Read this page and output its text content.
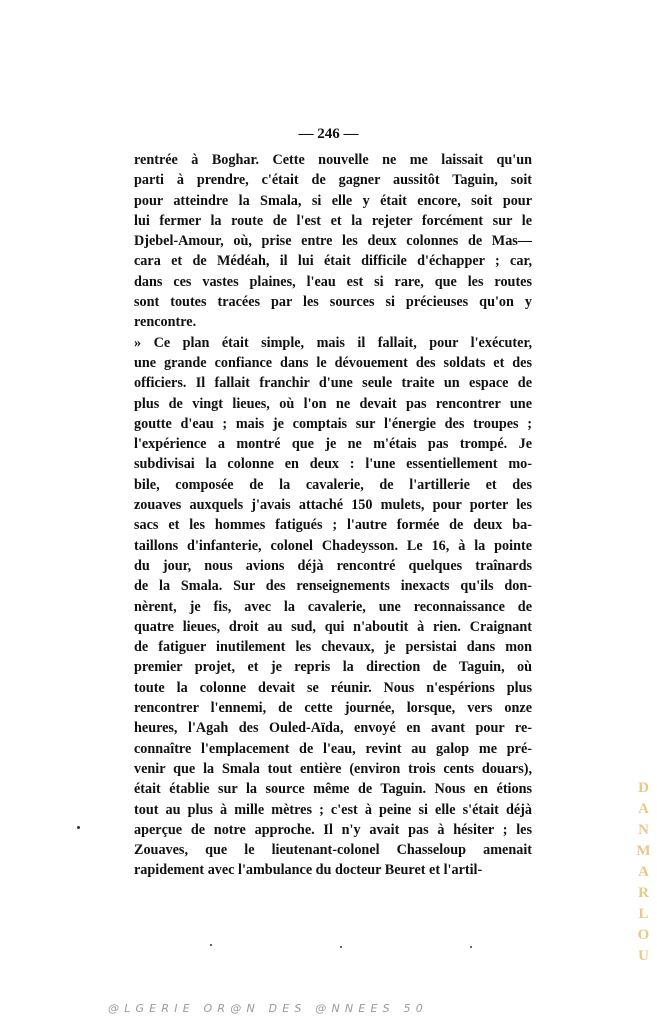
— 246 —
rentrée à Boghar. Cette nouvelle ne me laissait qu'un
parti à prendre, c'était de gagner aussitôt Taguin, soit
pour atteindre la Smala, si elle y était encore, soit pour
lui fermer la route de l'est et la rejeter forcément sur le
Djebel-Amour, où, prise entre les deux colonnes de Mas—
cara et de Médéah, il lui était difficile d'échapper ; car,
dans ces vastes plaines, l'eau est si rare, que les routes
sont toutes tracées par les sources si précieuses qu'on y
rencontre.
» Ce plan était simple, mais il fallait, pour l'exécuter,
une grande confiance dans le dévouement des soldats et des
officiers. Il fallait franchir d'une seule traite un espace de
plus de vingt lieues, où l'on ne devait pas rencontrer une
goutte d'eau ; mais je comptais sur l'énergie des troupes ;
l'expérience a montré que je ne m'étais pas trompé. Je
subdivisai la colonne en deux : l'une essentiellement mo-
bile, composée de la cavalerie, de l'artillerie et des
zouaves auxquels j'avais attaché 150 mulets, pour porter les
sacs et les hommes fatigués ; l'autre formée de deux ba-
taillons d'infanterie, colonel Chadeysson. Le 16, à la pointe
du jour, nous avions déjà rencontré quelques traînards
de la Smala. Sur des renseignements inexacts qu'ils don-
nèrent, je fis, avec la cavalerie, une reconnaissance de
quatre lieues, droit au sud, qui n'aboutit à rien. Craignant
de fatiguer inutilement les chevaux, je persistai dans mon
premier projet, et je repris la direction de Taguin, où
toute la colonne devait se réunir. Nous n'espérions plus
rencontrer l'ennemi, de cette journée, lorsque, vers onze
heures, l'Agah des Ouled-Aïda, envoyé en avant pour re-
connaître l'emplacement de l'eau, revint au galop me pré-
venir que la Smala tout entière (environ trois cents douars),
était établie sur la source même de Taguin. Nous en étions
tout au plus à mille mètres ; c'est à peine si elle s'était déjà
aperçue de notre approche. Il n'y avait pas à hésiter ; les
Zouaves, que le lieutenant-colonel Chasseloup amenait
rapidement avec l'ambulance du docteur Beuret et l'artil-
DANMARLOU
@LGERIE OR@N DES @NNEES 50
